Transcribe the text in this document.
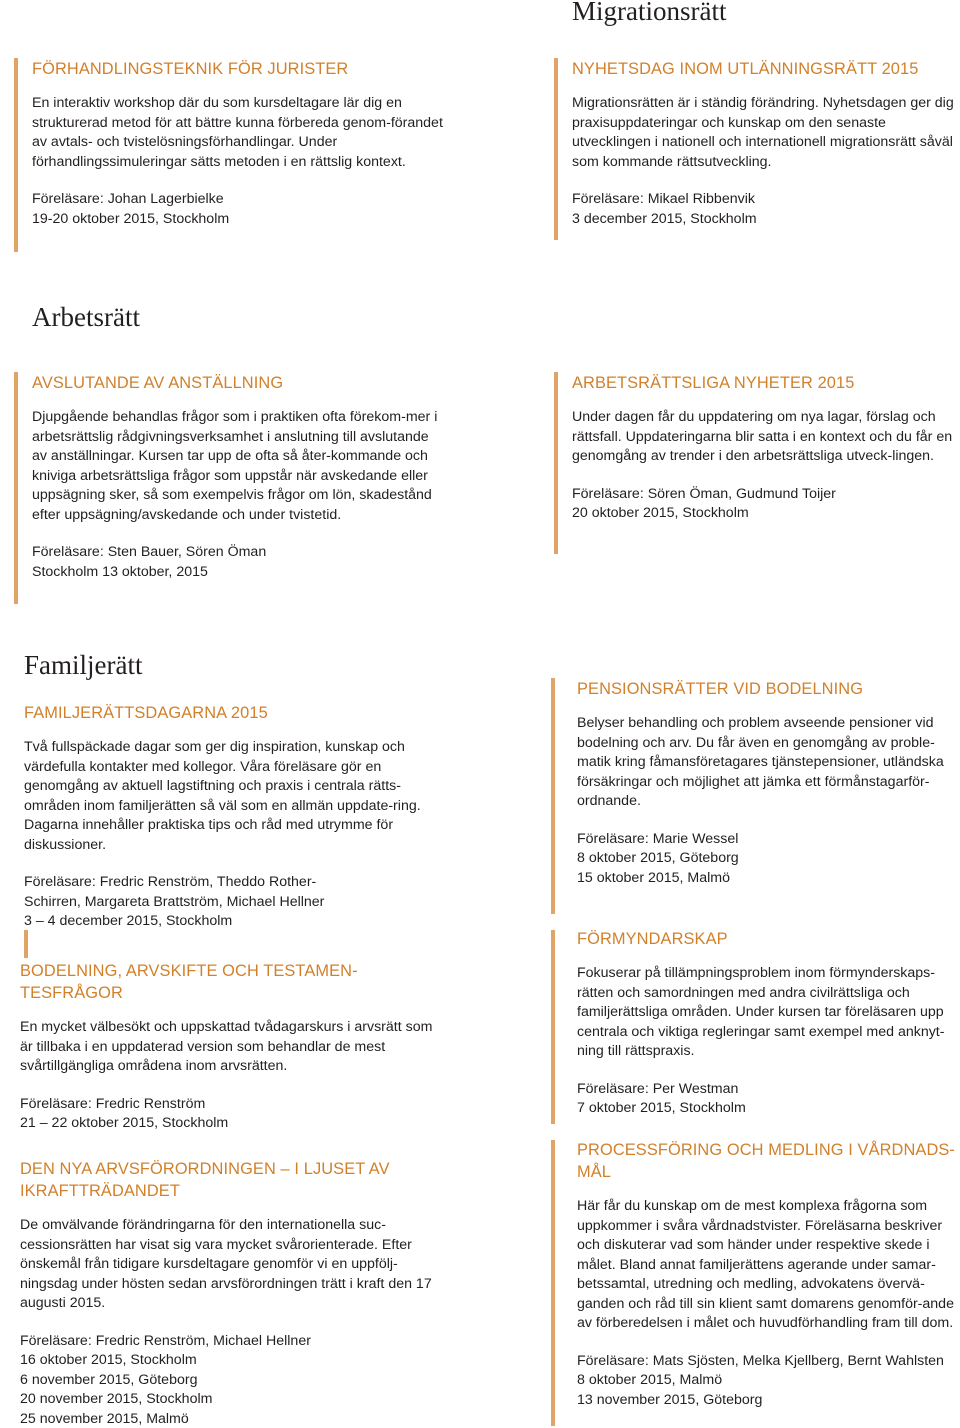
Migrationsrätt
FÖRHANDLINGSTEKNIK FÖR JURISTER

En interaktiv workshop där du som kursdeltagare lär dig en strukturerad metod för att bättre kunna förbereda genom-förandet av avtals- och tvistelösningsförhandlingar. Under förhandlingssimuleringar sätts metoden i en rättslig kontext.

Föreläsare: Johan Lagerbielke
19-20 oktober 2015, Stockholm

NYHETSDAG INOM UTLÄNNINGSRÄTT 2015

Migrationsrätten är i ständig förändring. Nyhetsdagen ger dig praxisuppdateringar och kunskap om den senaste utvecklingen i nationell och internationell migrationsrätt såväl som kommande rättsutveckling.

Föreläsare: Mikael Ribbenvik
3 december 2015, Stockholm

Arbetsrätt
AVSLUTANDE AV ANSTÄLLNING

Djupgående behandlas frågor som i praktiken ofta förekom-mer i arbetsrättslig rådgivningsverksamhet i anslutning till avslutande av anställningar. Kursen tar upp de ofta så åter-kommande och kniviga arbetsrättsliga frågor som uppstår när avskedande eller uppsägning sker, så som exempelvis frågor om lön, skadestånd efter uppsägning/avskedande och under tvistetid.

Föreläsare: Sten Bauer, Sören Öman
Stockholm 13 oktober, 2015

ARBETSRÄTTSLIGA NYHETER 2015

Under dagen får du uppdatering om nya lagar, förslag och rättsfall. Uppdateringarna blir satta i en kontext och du får en genomgång av trender i den arbetsrättsliga utveck-lingen.

Föreläsare: Sören Öman, Gudmund Toijer
20 oktober 2015, Stockholm

Familjerätt
FAMILJERÄTTSDAGARNA 2015

Två fullspäckade dagar som ger dig inspiration, kunskap och värdefulla kontakter med kollegor. Våra föreläsare gör en genomgång av aktuell lagstiftning och praxis i centrala rätts-områden inom familjerätten så väl som en allmän uppdate-ring. Dagarna innehåller praktiska tips och råd med utrymme för diskussioner.

Föreläsare: Fredric Renström, Theddo Rother-
Schirren, Margareta Brattström, Michael Hellner
3 – 4 december 2015, Stockholm

BODELNING, ARVSKIFTE OCH TESTAMEN-TESFRÅGOR

En mycket välbesökt och uppskattad tvådagarskurs i arvsrätt som är tillbaka i en uppdaterad version som behandlar de mest svårtillgängliga områdena inom arvsrätten.

Föreläsare: Fredric Renström
21 – 22 oktober 2015, Stockholm

DEN NYA ARVSFÖRORDNINGEN – I LJUSET AV IKRAFTTRÄDANDET

De omvälvande förändringarna för den internationella suc-cessionsrätten har visat sig vara mycket svårorienterade. Efter önskemål från tidigare kursdeltagare genomför vi en uppfölj-ningsdag under hösten sedan arvsförordningen trätt i kraft den 17 augusti 2015.

Föreläsare: Fredric Renström, Michael Hellner
16 oktober 2015, Stockholm
6 november 2015, Göteborg
20 november 2015, Stockholm
25 november 2015, Malmö

PENSIONSRÄTTER VID BODELNING

Belyser behandling och problem avseende pensioner vid bodelning och arv. Du får även en genomgång av proble-matik kring fåmansföretagares tjänstepensioner, utländska försäkringar och möjlighet att jämka ett förmånstagarför-ordnande.

Föreläsare: Marie Wessel
8 oktober 2015, Göteborg
15 oktober 2015, Malmö

FÖRMYNDARSKAP

Fokuserar på tillämpningsproblem inom förmynderskaps-rätten och samordningen med andra civilrättsliga och familjerättsliga områden. Under kursen tar föreläsaren upp centrala och viktiga regleringar samt exempel med anknyt-ning till rättspraxis.

Föreläsare: Per Westman
7 oktober 2015, Stockholm

PROCESSFÖRING OCH MEDLING I VÅRDNADS-MÅL

Här får du kunskap om de mest komplexa frågorna som uppkommer i svåra vårdnadstvister. Föreläsarna beskriver och diskuterar vad som händer under respektive skede i målet. Bland annat familjerättens agerande under samar-betssamtal, utredning och medling, advokatens övervä-ganden och råd till sin klient samt domarens genomför-ande av förberedelsen i målet och huvudförhandling fram till dom.

Föreläsare: Mats Sjösten, Melka Kjellberg, Bernt Wahlsten
8 oktober 2015, Malmö
13 november 2015, Göteborg
